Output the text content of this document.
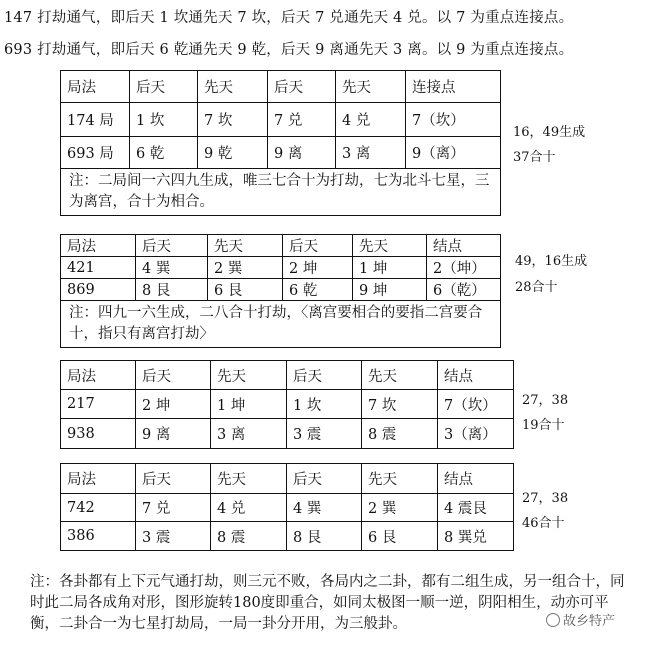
147 打劫通气，即后天 1 坎通先天 7 坎，后天 7 兑通先天 4 兑。以 7 为重点连接点。
693 打劫通气，即后天 6 乾通先天 9 乾，后天 9 离通先天 3 离。以 9 为重点连接点。
局法	后天	先天	后天	先天	连接点
174 局	1 坎	7 坎	7 兑	4 兑	7（坎）
693 局	6 乾	9 乾	9 离	3 离	9（离）
注：二局间一六四九生成，唯三七合十为打劫，七为北斗七星，三为离宫，合十为相合。
16，49生成
37合十
局法	后天	先天	后天	先天	结点
421	4 巽	2 巽	2 坤	1 坤	2（坤）
869	8 艮	6 艮	6 乾	9 坤	6（乾）
注：四九一六生成，二八合十打劫，〈离宫要相合的要指二宫要合十，指只有离宫打劫〉
49，16生成
28合十
局法	后天	先天	后天	先天	结点
217	2 坤	1 坤	1 坎	7 坎	7（坎）
938	9 离	3 离	3 震	8 震	3（离）
27，38
19合十
局法	后天	先天	后天	先天	结点
742	7 兑	4 兑	4 巽	2 巽	4 震艮
386	3 震	8 震	8 艮	6 艮	8 巽兑
27，38
46合十
注：各卦都有上下元气通打劫，则三元不败，各局内之二卦，都有二组生成，另一组合十，同时此二局各成角对形，图形旋转180度即重合，如同太极图一顺一逆，阴阳相生，动亦可平衡，二卦合一为七星打劫局，一局一卦分开用，为三般卦。	故乡特产
